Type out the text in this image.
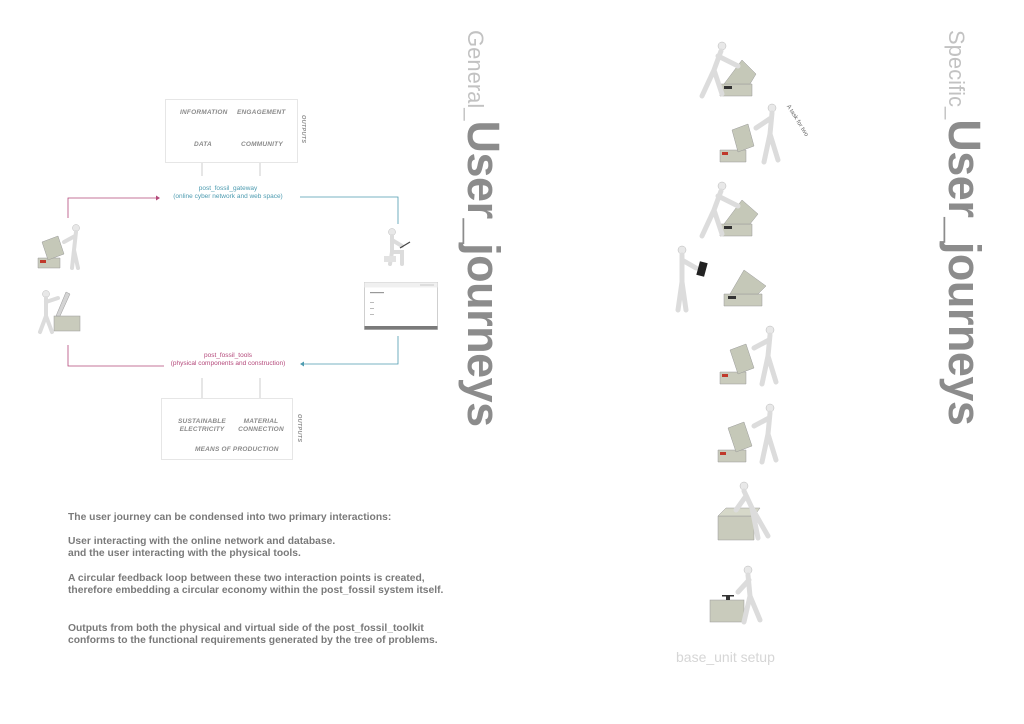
INFORMATION ENGAGEMENT
DATA	COMMUNITY
OUTPUTS
post_fossil_gateway
(online cyber network and web space)
post_fossil_tools
(physical components and construction)
SUSTAINABLE
ELECTRICITY
MATERIAL
CONNECTION
MEANS OF PRODUCTION
OUTPUTS
The user journey can be condensed into two primary interactions:
User interacting with the online network and database.
and the user interacting with the physical tools.
A circular feedback loop between these two interaction points is created, therefore embedding a circular economy within the post_fossil system itself.
Outputs from both the physical and virtual side of the post_fossil_toolkit conforms to the functional requirements generated by the tree of problems.
General_User_journeys
Specific_User_journeys
A task for two
base_unit setup
